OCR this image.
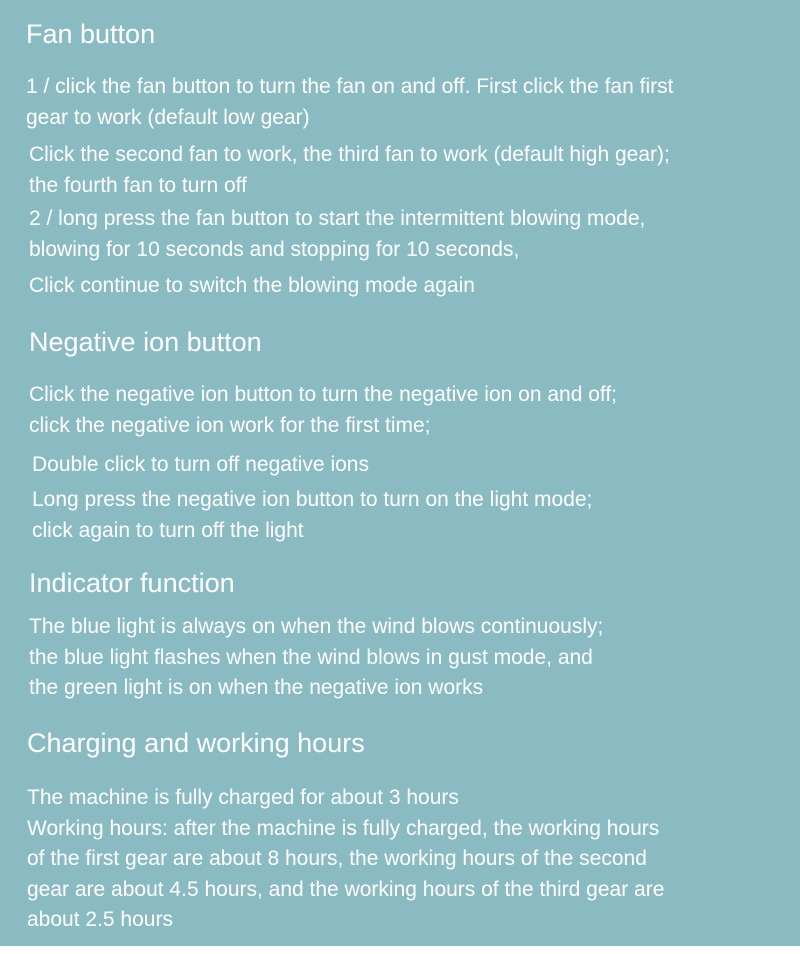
Fan button

1 / click the fan button to turn the fan on and off. First click the fan first
gear to work (default low gear)

Click the second fan to work, the third fan to work (default high gear);
the fourth fan to turn off

2 / long press the fan button to start the intermittent blowing mode,
blowing for 10 seconds and stopping for 10 seconds,

Click continue to switch the blowing mode again

Negative ion button

Click the negative ion button to turn the negative ion on and off;
click the negative ion work for the first time;

Double click to turn off negative ions

Long press the negative ion button to turn on the light mode;
click again to turn off the light

Indicator function

The blue light is always on when the wind blows continuously;
the blue light flashes when the wind blows in gust mode, and
the green light is on when the negative ion works

Charging and working hours

The machine is fully charged for about 3 hours
Working hours: after the machine is fully charged, the working hours
of the first gear are about 8 hours, the working hours of the second
gear are about 4.5 hours, and the working hours of the third gear are
about 2.5 hours
